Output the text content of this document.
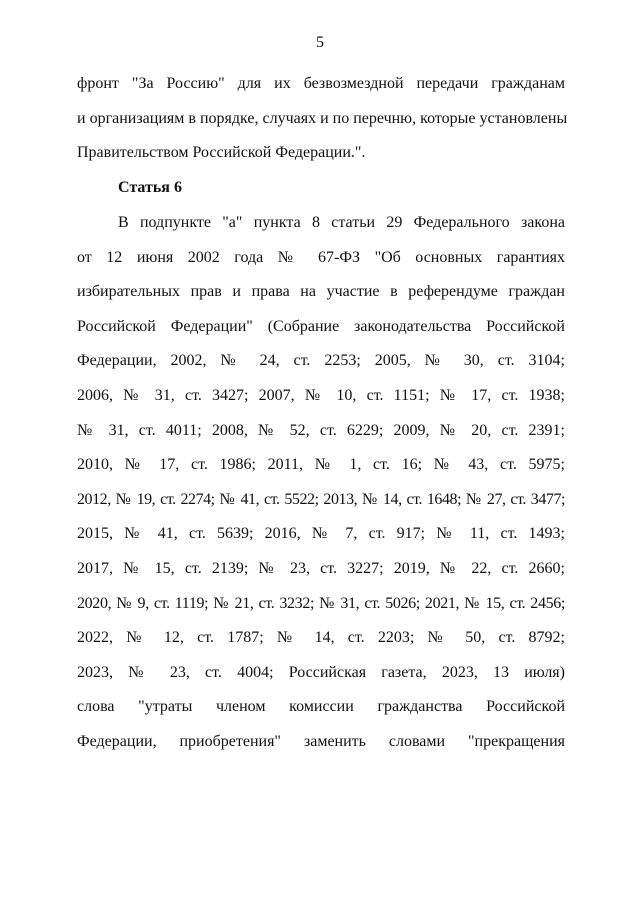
5
фронт "За Россию" для их безвозмездной передачи гражданам
и организациям в порядке, случаях и по перечню, которые установлены
Правительством Российской Федерации.".
Статья 6
В подпункте "а" пункта 8 статьи 29 Федерального закона
от 12 июня 2002 года № 67-ФЗ "Об основных гарантиях
избирательных прав и права на участие в референдуме граждан
Российской Федерации" (Собрание законодательства Российской
Федерации, 2002, № 24, ст. 2253; 2005, № 30, ст. 3104;
2006, № 31, ст. 3427; 2007, № 10, ст. 1151; № 17, ст. 1938;
№ 31, ст. 4011; 2008, № 52, ст. 6229; 2009, № 20, ст. 2391;
2010, № 17, ст. 1986; 2011, № 1, ст. 16; № 43, ст. 5975;
2012, № 19, ст. 2274; № 41, ст. 5522; 2013, № 14, ст. 1648; № 27, ст. 3477;
2015, № 41, ст. 5639; 2016, № 7, ст. 917; № 11, ст. 1493;
2017, № 15, ст. 2139; № 23, ст. 3227; 2019, № 22, ст. 2660;
2020, № 9, ст. 1119; № 21, ст. 3232; № 31, ст. 5026; 2021, № 15, ст. 2456;
2022, № 12, ст. 1787; № 14, ст. 2203; № 50, ст. 8792;
2023, № 23, ст. 4004; Российская газета, 2023, 13 июля)
слова "утраты членом комиссии гражданства Российской
Федерации, приобретения" заменить словами "прекращения
